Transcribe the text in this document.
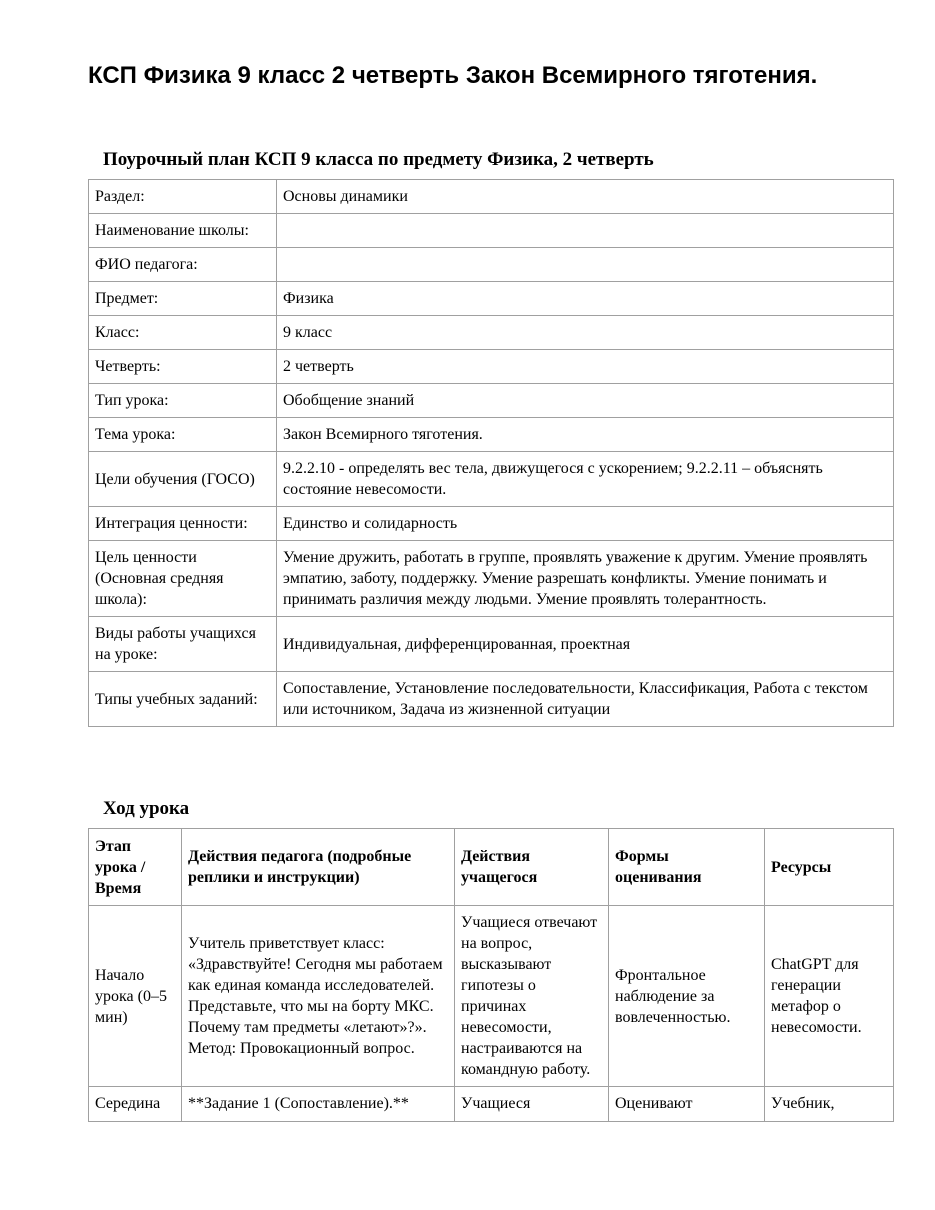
КСП Физика 9 класс 2 четверть Закон Всемирного тяготения.
Поурочный план КСП 9 класса по предмету Физика, 2 четверть
Раздел:	Основы динамики
Наименование школы:	
ФИО педагога:	
Предмет:	Физика
Класс:	9 класс
Четверть:	2 четверть
Тип урока:	Обобщение знаний
Тема урока:	Закон Всемирного тяготения.
Цели обучения (ГОСО)	9.2.2.10 - определять вес тела, движущегося с ускорением; 9.2.2.11 – объяснять состояние невесомости.
Интеграция ценности:	Единство и солидарность
Цель ценности (Основная средняя школа):	Умение дружить, работать в группе, проявлять уважение к другим. Умение проявлять эмпатию, заботу, поддержку. Умение разрешать конфликты. Умение понимать и принимать различия между людьми. Умение проявлять толерантность.
Виды работы учащихся на уроке:	Индивидуальная, дифференцированная, проектная
Типы учебных заданий:	Сопоставление, Установление последовательности, Классификация, Работа с текстом или источником, Задача из жизненной ситуации
Ход урока
Этап урока / Время	Действия педагога (подробные реплики и инструкции)	Действия учащегося	Формы оценивания	Ресурсы
Начало урока (0–5 мин)	Учитель приветствует класс: «Здравствуйте! Сегодня мы работаем как единая команда исследователей. Представьте, что мы на борту МКС. Почему там предметы «летают»?». Метод: Провокационный вопрос.	Учащиеся отвечают на вопрос, высказывают гипотезы о причинах невесомости, настраиваются на командную работу.	Фронтальное наблюдение за вовлеченностью.	ChatGPT для генерации метафор о невесомости.
Середина	**Задание 1 (Сопоставление).**	Учащиеся	Оценивают	Учебник,
